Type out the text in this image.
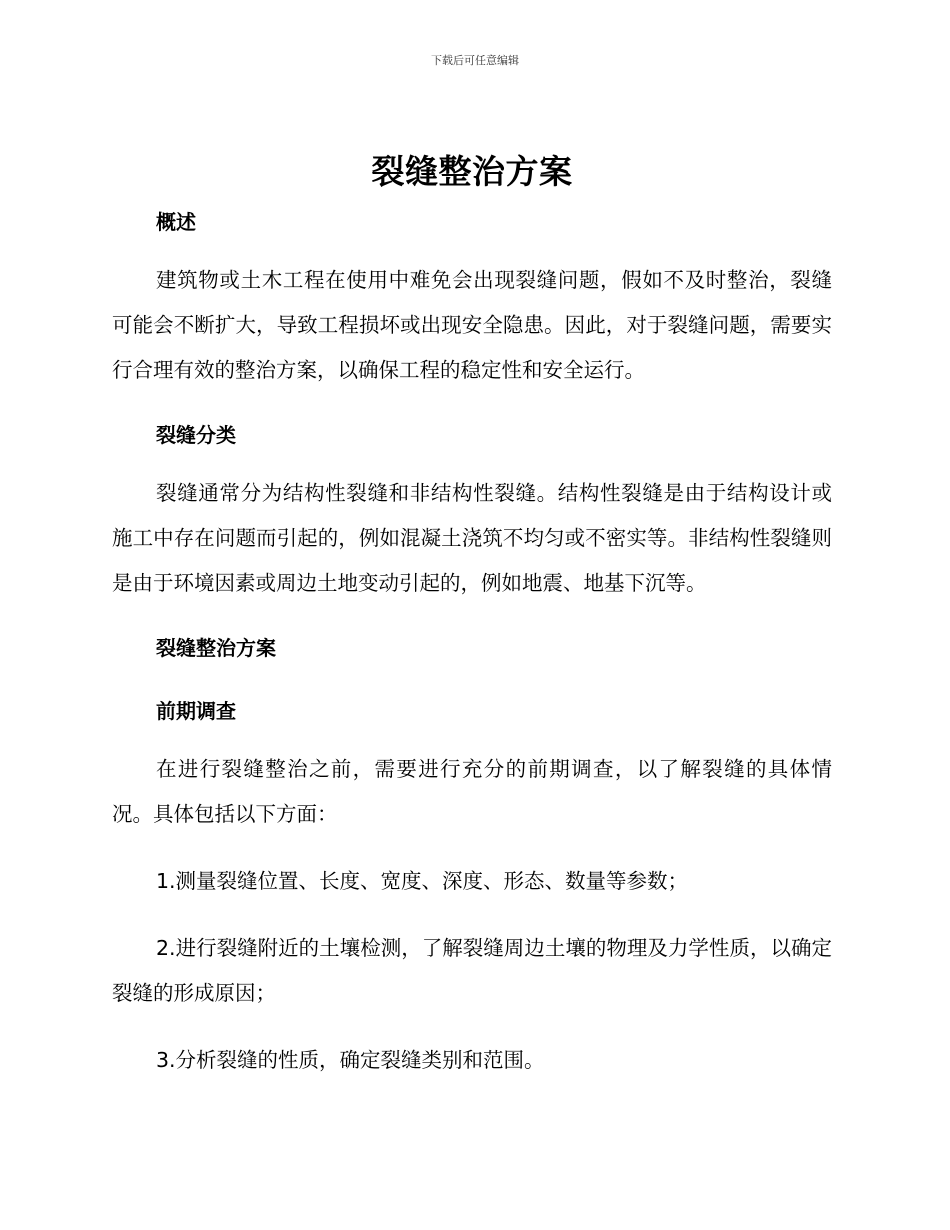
下载后可任意编辑
裂缝整治方案
概述

建筑物或土木工程在使用中难免会出现裂缝问题，假如不及时整治，裂缝可能会不断扩大，导致工程损坏或出现安全隐患。因此，对于裂缝问题，需要实行合理有效的整治方案，以确保工程的稳定性和安全运行。

裂缝分类

裂缝通常分为结构性裂缝和非结构性裂缝。结构性裂缝是由于结构设计或施工中存在问题而引起的，例如混凝土浇筑不均匀或不密实等。非结构性裂缝则是由于环境因素或周边土地变动引起的，例如地震、地基下沉等。

裂缝整治方案
前期调查

在进行裂缝整治之前，需要进行充分的前期调查，以了解裂缝的具体情况。具体包括以下方面：

1.测量裂缝位置、长度、宽度、深度、形态、数量等参数；

2.进行裂缝附近的土壤检测，了解裂缝周边土壤的物理及力学性质，以确定裂缝的形成原因；

3.分析裂缝的性质，确定裂缝类别和范围。
